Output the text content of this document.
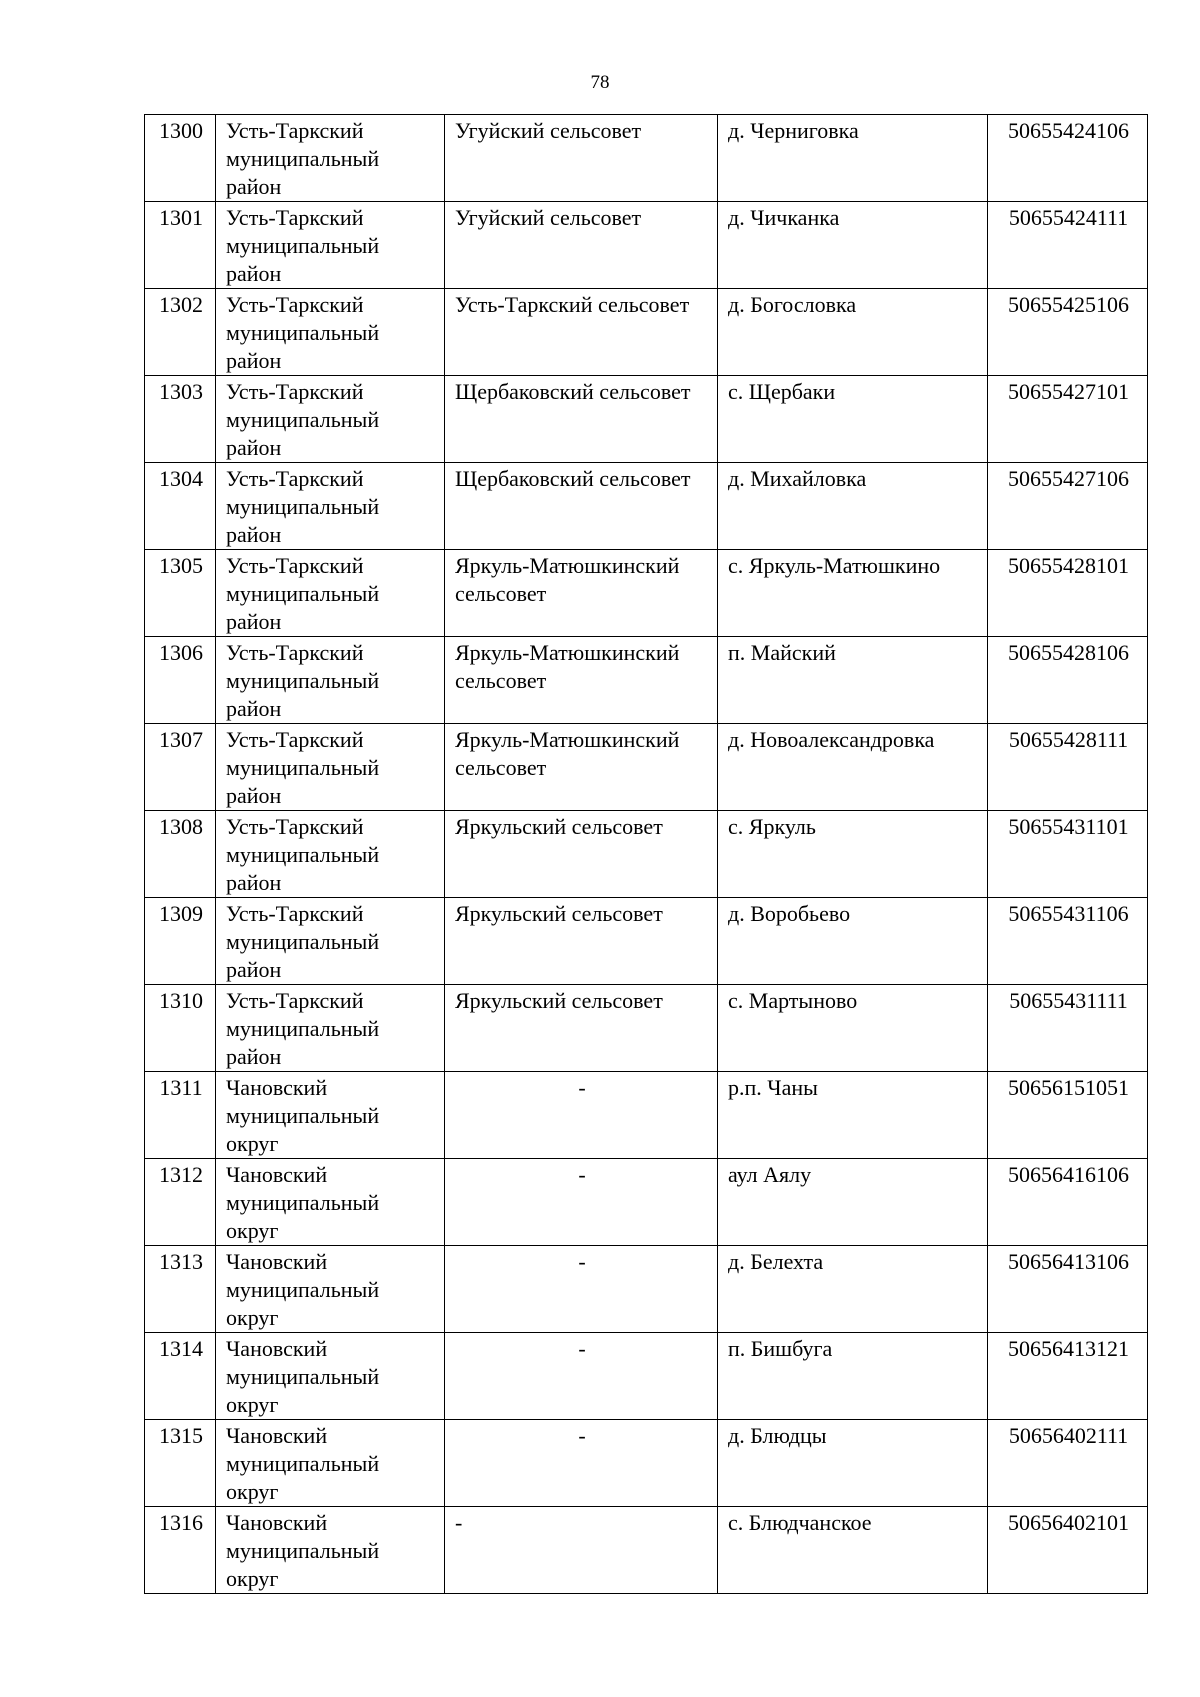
78
1300	Усть-Таркский муниципальный район	Угуйский сельсовет	д. Черниговка	50655424106
1301	Усть-Таркский муниципальный район	Угуйский сельсовет	д. Чичканка	50655424111
1302	Усть-Таркский муниципальный район	Усть-Таркский сельсовет	д. Богословка	50655425106
1303	Усть-Таркский муниципальный район	Щербаковский сельсовет	с. Щербаки	50655427101
1304	Усть-Таркский муниципальный район	Щербаковский сельсовет	д. Михайловка	50655427106
1305	Усть-Таркский муниципальный район	Яркуль-Матюшкинский сельсовет	с. Яркуль-Матюшкино	50655428101
1306	Усть-Таркский муниципальный район	Яркуль-Матюшкинский сельсовет	п. Майский	50655428106
1307	Усть-Таркский муниципальный район	Яркуль-Матюшкинский сельсовет	д. Новоалександровка	50655428111
1308	Усть-Таркский муниципальный район	Яркульский сельсовет	с. Яркуль	50655431101
1309	Усть-Таркский муниципальный район	Яркульский сельсовет	д. Воробьево	50655431106
1310	Усть-Таркский муниципальный район	Яркульский сельсовет	с. Мартыново	50655431111
1311	Чановский муниципальный округ	-	р.п. Чаны	50656151051
1312	Чановский муниципальный округ	-	аул Аялу	50656416106
1313	Чановский муниципальный округ	-	д. Белехта	50656413106
1314	Чановский муниципальный округ	-	п. Бишбуга	50656413121
1315	Чановский муниципальный округ	-	д. Блюдцы	50656402111
1316	Чановский муниципальный округ	-	с. Блюдчанское	50656402101
